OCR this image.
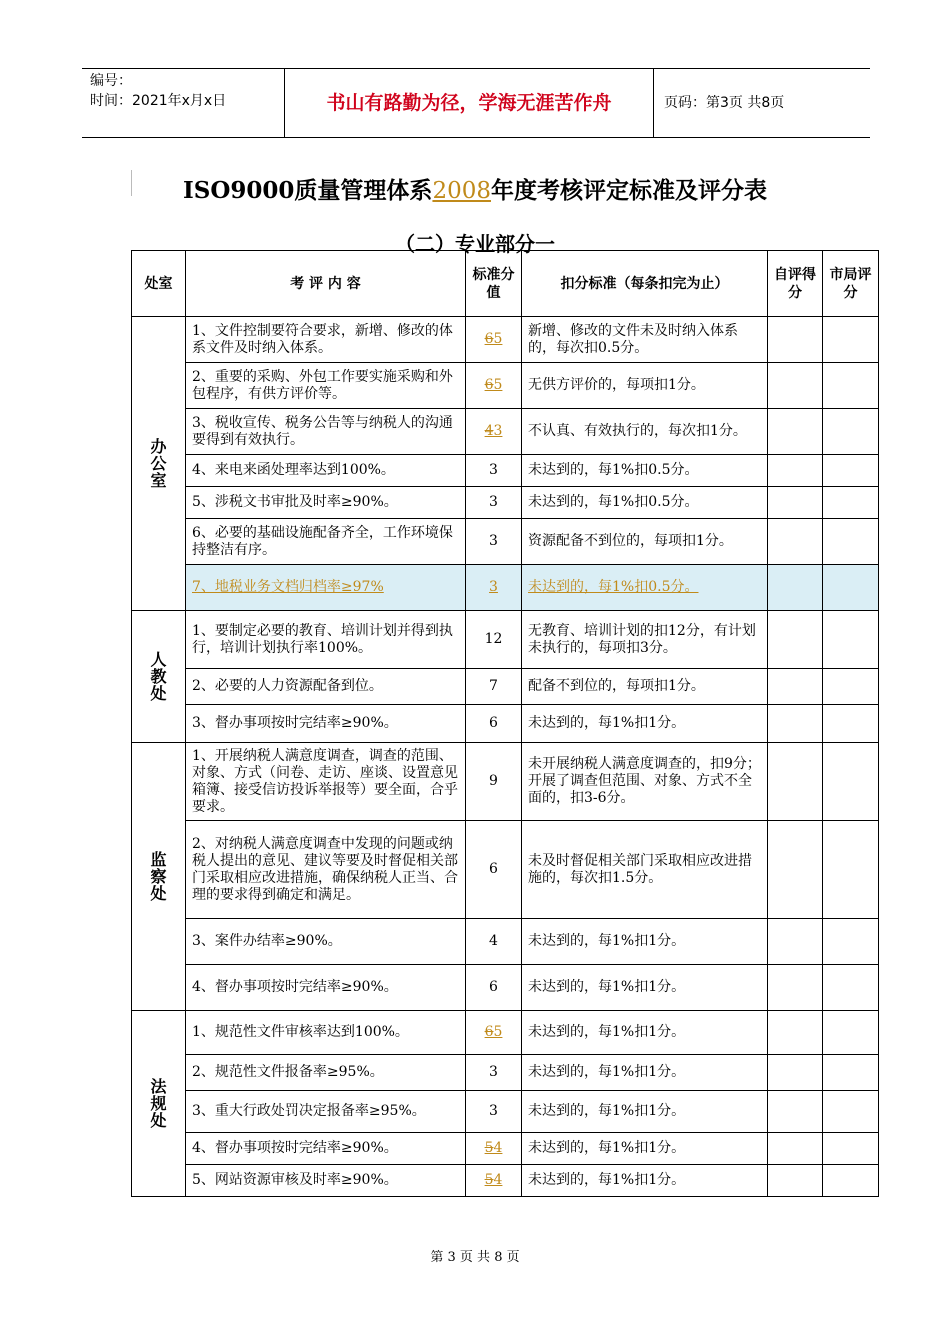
编号：
时间：2021年x月x日	书山有路勤为径，学海无涯苦作舟	页码：第3页 共8页
ISO9000质量管理体系2008年度考核评定标准及评分表
（二）专业部分一
处室	考 评 内 容	标准分值	扣分标准（每条扣完为止）	自评得分	市局评分

办
公
室	1、文件控制要符合要求，新增、修改的体系文件及时纳入体系。	65	新增、修改的文件未及时纳入体系的，每次扣0.5分。		
	2、重要的采购、外包工作要实施采购和外包程序，有供方评价等。	65	无供方评价的，每项扣1分。		
	3、税收宣传、税务公告等与纳税人的沟通要得到有效执行。	43	不认真、有效执行的，每次扣1分。		
	4、来电来函处理率达到100%。	3	未达到的，每1%扣0.5分。		
	5、涉税文书审批及时率≥90%。	3	未达到的，每1%扣0.5分。		
	6、必要的基础设施配备齐全，工作环境保持整洁有序。	3	资源配备不到位的，每项扣1分。		
	7、地税业务文档归档率≥97%	3	未达到的，每1%扣0.5分。		

人
教
处	1、要制定必要的教育、培训计划并得到执行，培训计划执行率100%。	12	无教育、培训计划的扣12分，有计划未执行的，每项扣3分。		
	2、必要的人力资源配备到位。	7	配备不到位的，每项扣1分。		
	3、督办事项按时完结率≥90%。	6	未达到的，每1%扣1分。		

监
察
处	1、开展纳税人满意度调查，调查的范围、对象、方式（问卷、走访、座谈、设置意见箱簿、接受信访投诉举报等）要全面，合乎要求。	9	未开展纳税人满意度调查的，扣9分；开展了调查但范围、对象、方式不全面的，扣3-6分。		
	2、对纳税人满意度调查中发现的问题或纳税人提出的意见、建议等要及时督促相关部门采取相应改进措施，确保纳税人正当、合理的要求得到确定和满足。	6	未及时督促相关部门采取相应改进措施的，每次扣1.5分。		
	3、案件办结率≥90%。	4	未达到的，每1%扣1分。		
	4、督办事项按时完结率≥90%。	6	未达到的，每1%扣1分。		

法
规
处	1、规范性文件审核率达到100%。	65	未达到的，每1%扣1分。		
	2、规范性文件报备率≥95%。	3	未达到的，每1%扣1分。		
	3、重大行政处罚决定报备率≥95%。	3	未达到的，每1%扣1分。		
	4、督办事项按时完结率≥90%。	54	未达到的，每1%扣1分。		
	5、网站资源审核及时率≥90%。	54	未达到的，每1%扣1分。		
第 3 页 共 8 页
